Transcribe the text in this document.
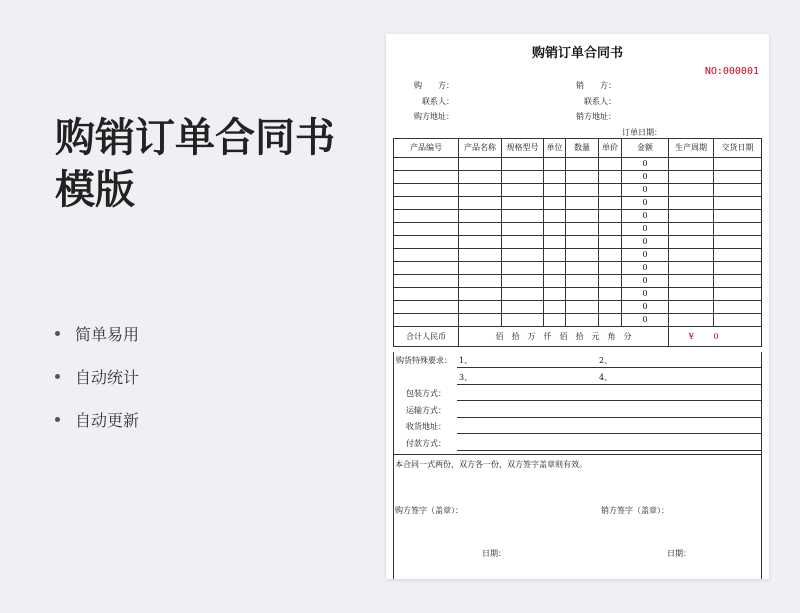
购销订单合同书
模版
简单易用
自动统计
自动更新
购销订单合同书
NO:000001
购　　方：
联系人：
购方地址：
销　　方：
联系人：
销方地址：
订单日期：
产品编号	产品名称	规格型号	单位	数量	单价	金额	生产周期	交货日期
						0		
						0		
						0		
						0		
						0		
						0		
						0		
						0		
						0		
						0		
						0		
						0		
						0		
合计人民币	佰　拾　万　仟　佰　拾　元　角　分						¥	0
购货特殊要求： 1、	2、
3、	4、
包装方式：
运输方式：
收货地址：
付款方式：
本合同一式两份，双方各一份，双方签字盖章则有效。
购方签字（盖章）：	销方签字（盖章）：
日期：	日期：
